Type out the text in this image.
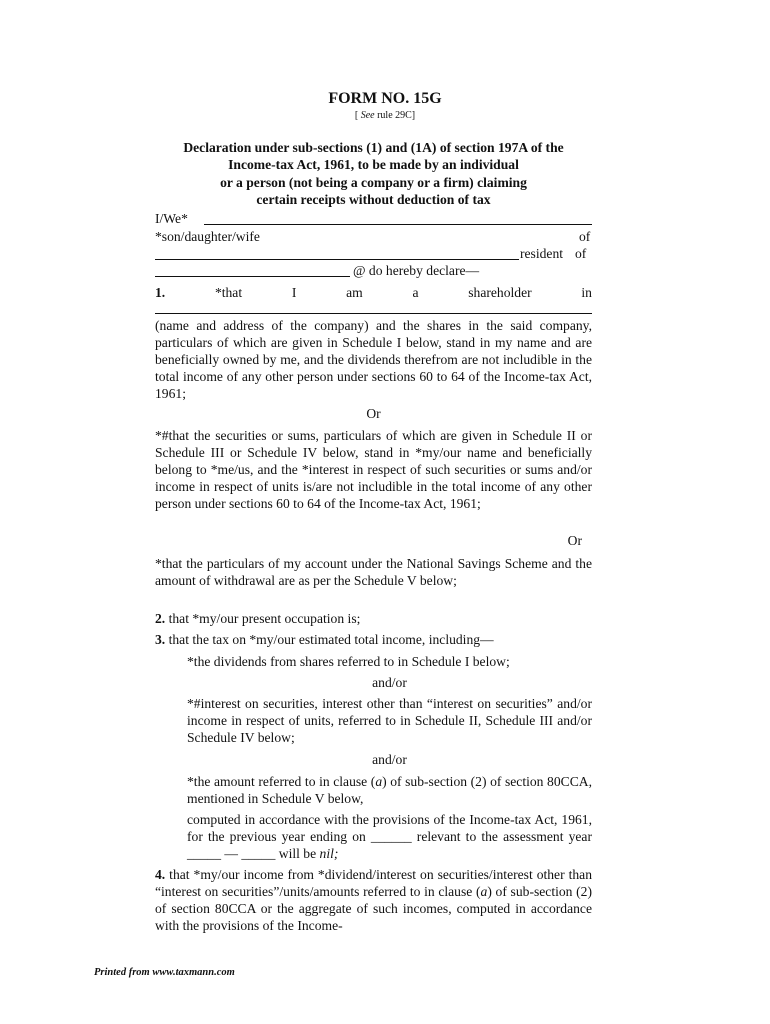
FORM NO. 15G
[ See rule 29C]
Declaration under sub-sections (1) and (1A) of section 197A of the
Income-tax Act, 1961, to be made by an individual
or a person (not being a company or a firm) claiming
certain receipts without deduction of tax
I/We*
*son/daughter/wife	of
resident of
@ do hereby declare—
1.	*that	I	am	a	shareholder	in
(name and address of the company) and the shares in the said company, particulars of which are given in Schedule I below, stand in my name and are beneficially owned by me, and the dividends therefrom are not includible in the total income of any other person under sections 60 to 64 of the Income-tax Act, 1961;
Or
*#that the securities or sums, particulars of which are given in Schedule II or Schedule III or Schedule IV below, stand in *my/our name and beneficially belong to *me/us, and the *interest in respect of such securities or sums and/or income in respect of units is/are not includible in the total income of any other person under sections 60 to 64 of the Income-tax Act, 1961;
Or
*that the particulars of my account under the National Savings Scheme and the amount of withdrawal are as per the Schedule V below;
2. that *my/our present occupation is;
3. that the tax on *my/our estimated total income, including—
*the dividends from shares referred to in Schedule I below;
and/or
*#interest on securities, interest other than “interest on securities” and/or income in respect of units, referred to in Schedule II, Schedule III and/or Schedule IV below;
and/or
*the amount referred to in clause (a) of sub-section (2) of section 80CCA, mentioned in Schedule V below,
computed in accordance with the provisions of the Income-tax Act, 1961, for the previous year ending on ______ relevant to the assessment year _____ — _____ will be nil;
4. that *my/our income from *dividend/interest on securities/interest other than “interest on securities”/units/amounts referred to in clause (a) of sub-section (2) of section 80CCA or the aggregate of such incomes, computed in accordance with the provisions of the Income-
Printed from www.taxmann.com
